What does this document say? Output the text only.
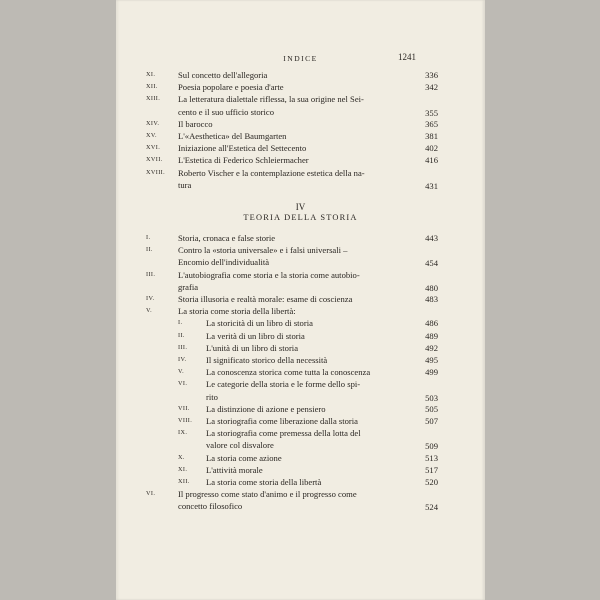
INDICE	1241
IV
TEORIA DELLA STORIA
XI.	Sul concetto dell'allegoria	336
XII.	Poesia popolare e poesia d'arte	342
XIII.	La letteratura dialettale riflessa, la sua origine nel Sei-
cento e il suo ufficio storico	355
XIV.	Il barocco	365
XV.	L'«Aesthetica» del Baumgarten	381
XVI.	Iniziazione all'Estetica del Settecento	402
XVII.	L'Estetica di Federico Schleiermacher	416
XVIII.	Roberto Vischer e la contemplazione estetica della na-
tura	431
I.	Storia, cronaca e false storie	443
II.	Contro la «storia universale» e i falsi universali –
Encomio dell'individualità	454
III.	L'autobiografia come storia e la storia come autobio-
grafia	480
IV.	Storia illusoria e realtà morale: esame di coscienza	483
V.	La storia come storia della libertà:
I.	La storicità di un libro di storia	486
II.	La verità di un libro di storia	489
III.	L'unità di un libro di storia	492
IV.	Il significato storico della necessità	495
V.	La conoscenza storica come tutta la conoscenza	499
VI.	Le categorie della storia e le forme dello spi-
rito	503
VII.	La distinzione di azione e pensiero	505
VIII.	La storiografia come liberazione dalla storia	507
IX.	La storiografia come premessa della lotta del
valore col disvalore	509
X.	La storia come azione	513
XI.	L'attività morale	517
XII.	La storia come storia della libertà	520
VI.	Il progresso come stato d'animo e il progresso come
concetto filosofico	524
